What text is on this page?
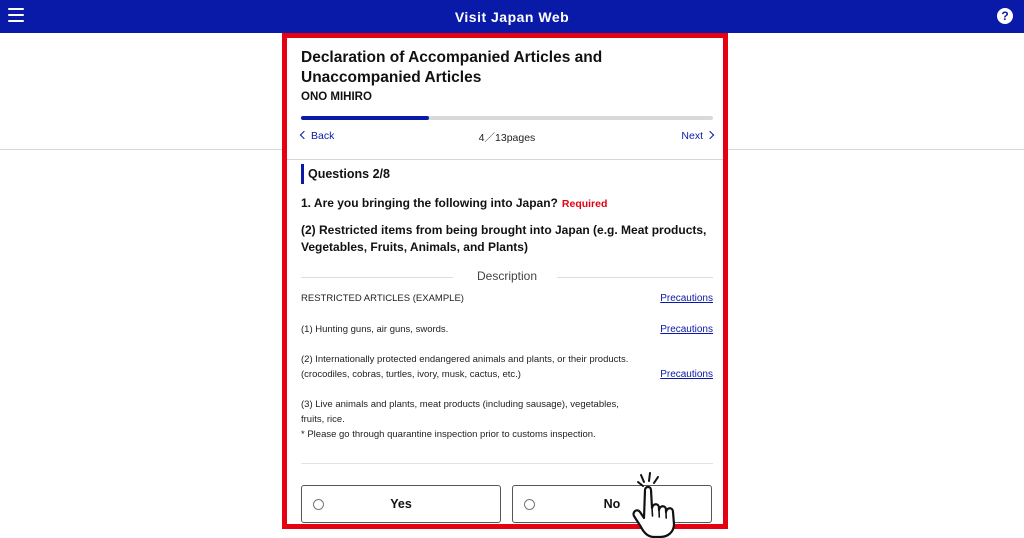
Visit Japan Web	?
Declaration of Accompanied Articles and
Unaccompanied Articles
ONO MIHIRO
Back	4／13pages	Next
Questions 2/8
1. Are you bringing the following into Japan? Required
(2) Restricted items from being brought into Japan (e.g. Meat products, Vegetables, Fruits, Animals, and Plants)
Description
RESTRICTED ARTICLES (EXAMPLE)	Precautions
(1) Hunting guns, air guns, swords.	Precautions
(2) Internationally protected endangered animals and plants, or their products.
(crocodiles, cobras, turtles, ivory, musk, cactus, etc.)	Precautions
(3) Live animals and plants, meat products (including sausage), vegetables,
fruits, rice.
* Please go through quarantine inspection prior to customs inspection.
Yes	No
